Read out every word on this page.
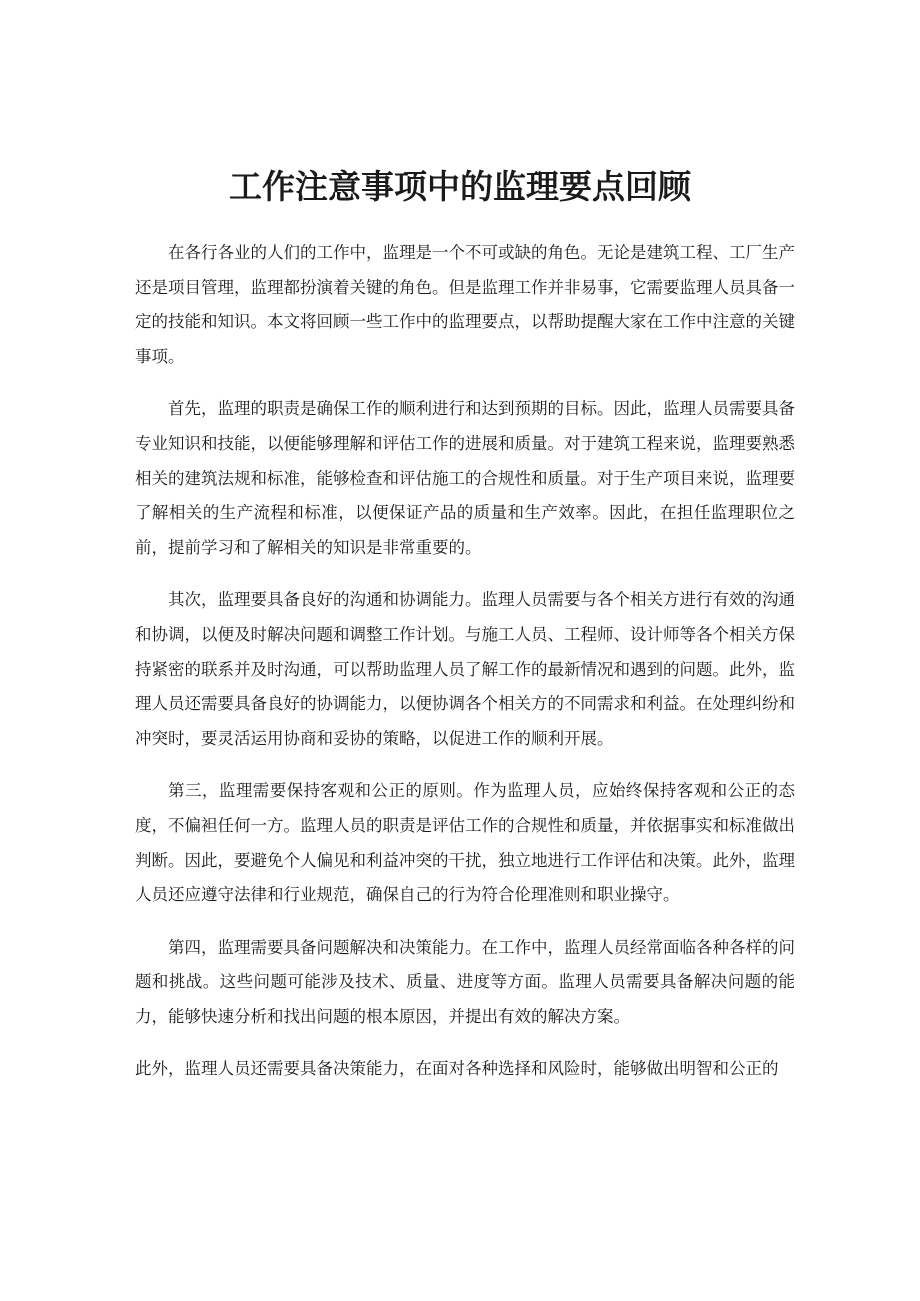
工作注意事项中的监理要点回顾

在各行各业的人们的工作中，监理是一个不可或缺的角色。无论是建筑工程、工厂生产还是项目管理，监理都扮演着关键的角色。但是监理工作并非易事，它需要监理人员具备一定的技能和知识。本文将回顾一些工作中的监理要点，以帮助提醒大家在工作中注意的关键事项。

首先，监理的职责是确保工作的顺利进行和达到预期的目标。因此，监理人员需要具备专业知识和技能，以便能够理解和评估工作的进展和质量。对于建筑工程来说，监理要熟悉相关的建筑法规和标准，能够检查和评估施工的合规性和质量。对于生产项目来说，监理要了解相关的生产流程和标准，以便保证产品的质量和生产效率。因此，在担任监理职位之前，提前学习和了解相关的知识是非常重要的。

其次，监理要具备良好的沟通和协调能力。监理人员需要与各个相关方进行有效的沟通和协调，以便及时解决问题和调整工作计划。与施工人员、工程师、设计师等各个相关方保持紧密的联系并及时沟通，可以帮助监理人员了解工作的最新情况和遇到的问题。此外，监理人员还需要具备良好的协调能力，以便协调各个相关方的不同需求和利益。在处理纠纷和冲突时，要灵活运用协商和妥协的策略，以促进工作的顺利开展。

第三，监理需要保持客观和公正的原则。作为监理人员，应始终保持客观和公正的态度，不偏袒任何一方。监理人员的职责是评估工作的合规性和质量，并依据事实和标准做出判断。因此，要避免个人偏见和利益冲突的干扰，独立地进行工作评估和决策。此外，监理人员还应遵守法律和行业规范，确保自己的行为符合伦理准则和职业操守。

第四，监理需要具备问题解决和决策能力。在工作中，监理人员经常面临各种各样的问题和挑战。这些问题可能涉及技术、质量、进度等方面。监理人员需要具备解决问题的能力，能够快速分析和找出问题的根本原因，并提出有效的解决方案。

此外，监理人员还需要具备决策能力，在面对各种选择和风险时，能够做出明智和公正的
